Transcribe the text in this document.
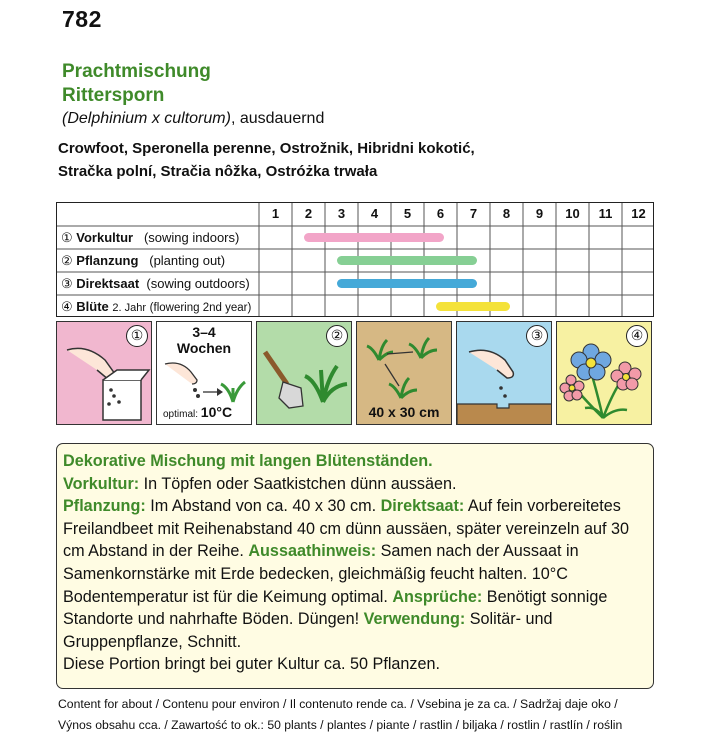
782
Prachtmischung
Rittersporn
(Delphinium x cultorum), ausdauernd
Crowfoot, Speronella perenne, Ostrožnik, Hibridni kokotić,
Stračka polní, Stračia nôžka, Ostróżka trwała
1	2	3	4	5	6	7	8	9	10	11	12
① Vorkultur (sowing indoors)
② Pflanzung (planting out)
③ Direktsaat (sowing outdoors)
④ Blüte 2. Jahr (flowering 2nd year)
①	3–4
Wochen
optimal: 10°C
②
40 x 30 cm
③	④
Dekorative Mischung mit langen Blütenständen.
Vorkultur: In Töpfen oder Saatkistchen dünn aussäen.
Pflanzung: Im Abstand von ca. 40 x 30 cm. Direktsaat: Auf fein vorbereitetes Freilandbeet mit Reihenabstand 40 cm dünn aussäen, später vereinzeln auf 30 cm Abstand in der Reihe. Aussaathinweis: Samen nach der Aussaat in Samenkornstärke mit Erde bedecken, gleichmäßig feucht halten. 10°C Bodentemperatur ist für die Keimung optimal. Ansprüche: Benötigt sonnige Standorte und nahrhafte Böden. Düngen! Verwendung: Solitär- und Gruppenpflanze, Schnitt.
Diese Portion bringt bei guter Kultur ca. 50 Pflanzen.
Content for about / Contenu pour environ / Il contenuto rende ca. / Vsebina je za ca. / Sadržaj daje oko /
Výnos obsahu cca. / Zawartość to ok.: 50 plants / plantes / piante / rastlin / biljaka / rostlin / rastlín / roślin
